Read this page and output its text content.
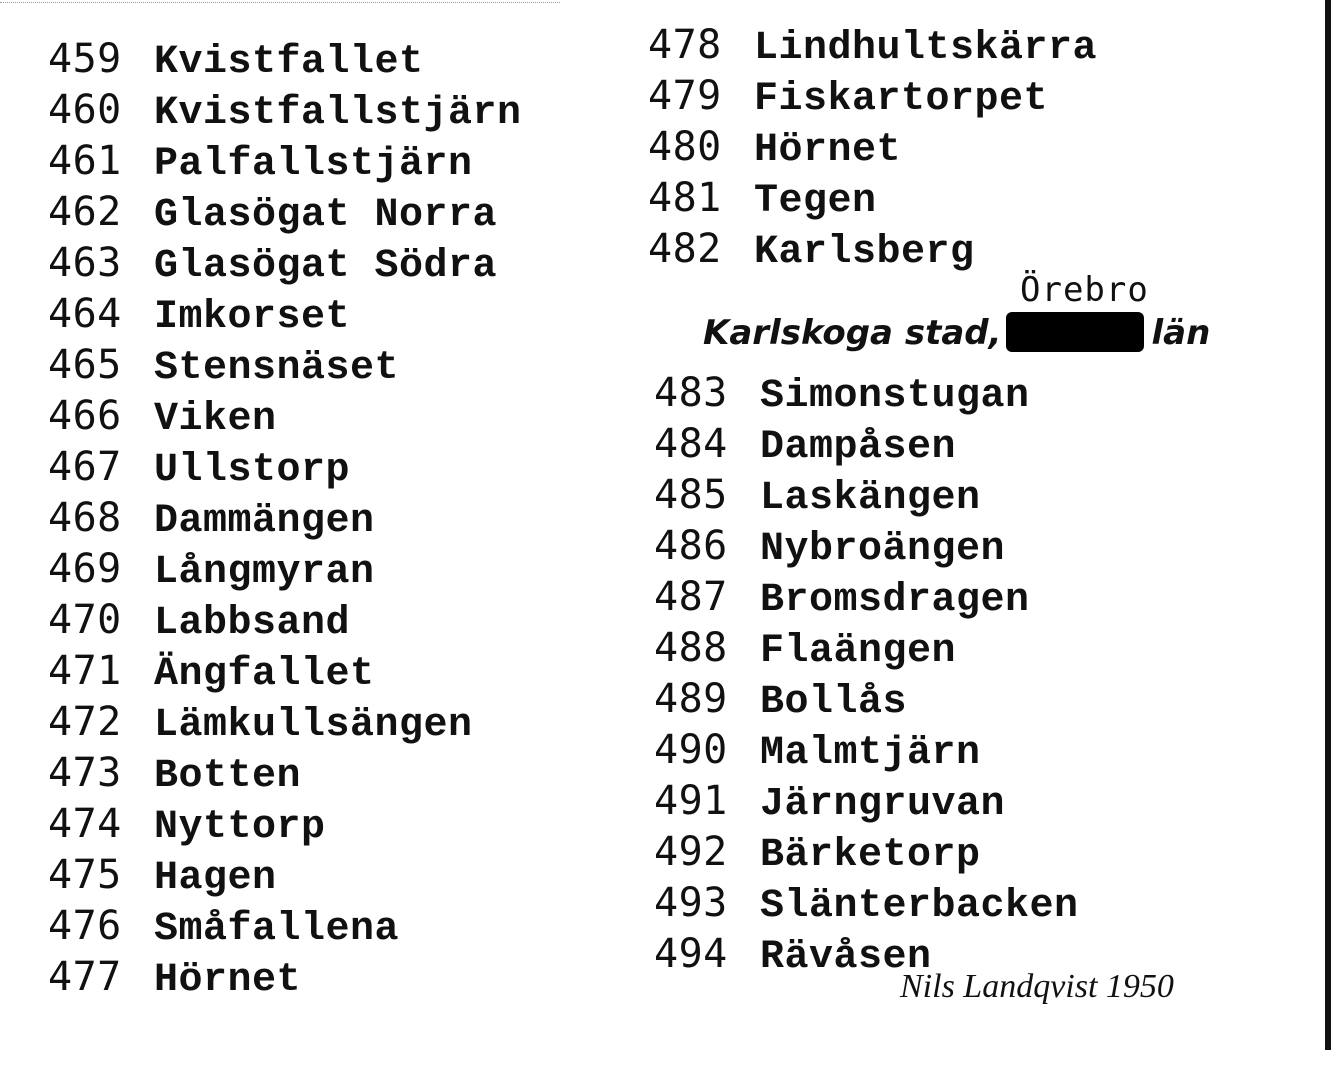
459 Kvistfallet
460 Kvistfallstjärn
461 Palfallstjärn
462 Glasögat Norra
463 Glasögat Södra
464 Imkorset
465 Stensnäset
466 Viken
467 Ullstorp
468 Dammängen
469 Långmyran
470 Labbsand
471 Ängfallet
472 Lämkullsängen
473 Botten
474 Nyttorp
475 Hagen
476 Småfallena
477 Hörnet
478 Lindhultskärra
479 Fiskartorpet
480 Hörnet
481 Tegen
482 Karlsberg
Örebro
Karlskoga stad,	län
483 Simonstugan
484 Dampåsen
485 Laskängen
486 Nybroängen
487 Bromsdragen
488 Flaängen
489 Bollås
490 Malmtjärn
491 Järngruvan
492 Bärketorp
493 Slänterbacken
494 Rävåsen
Nils Landqvist 1950
